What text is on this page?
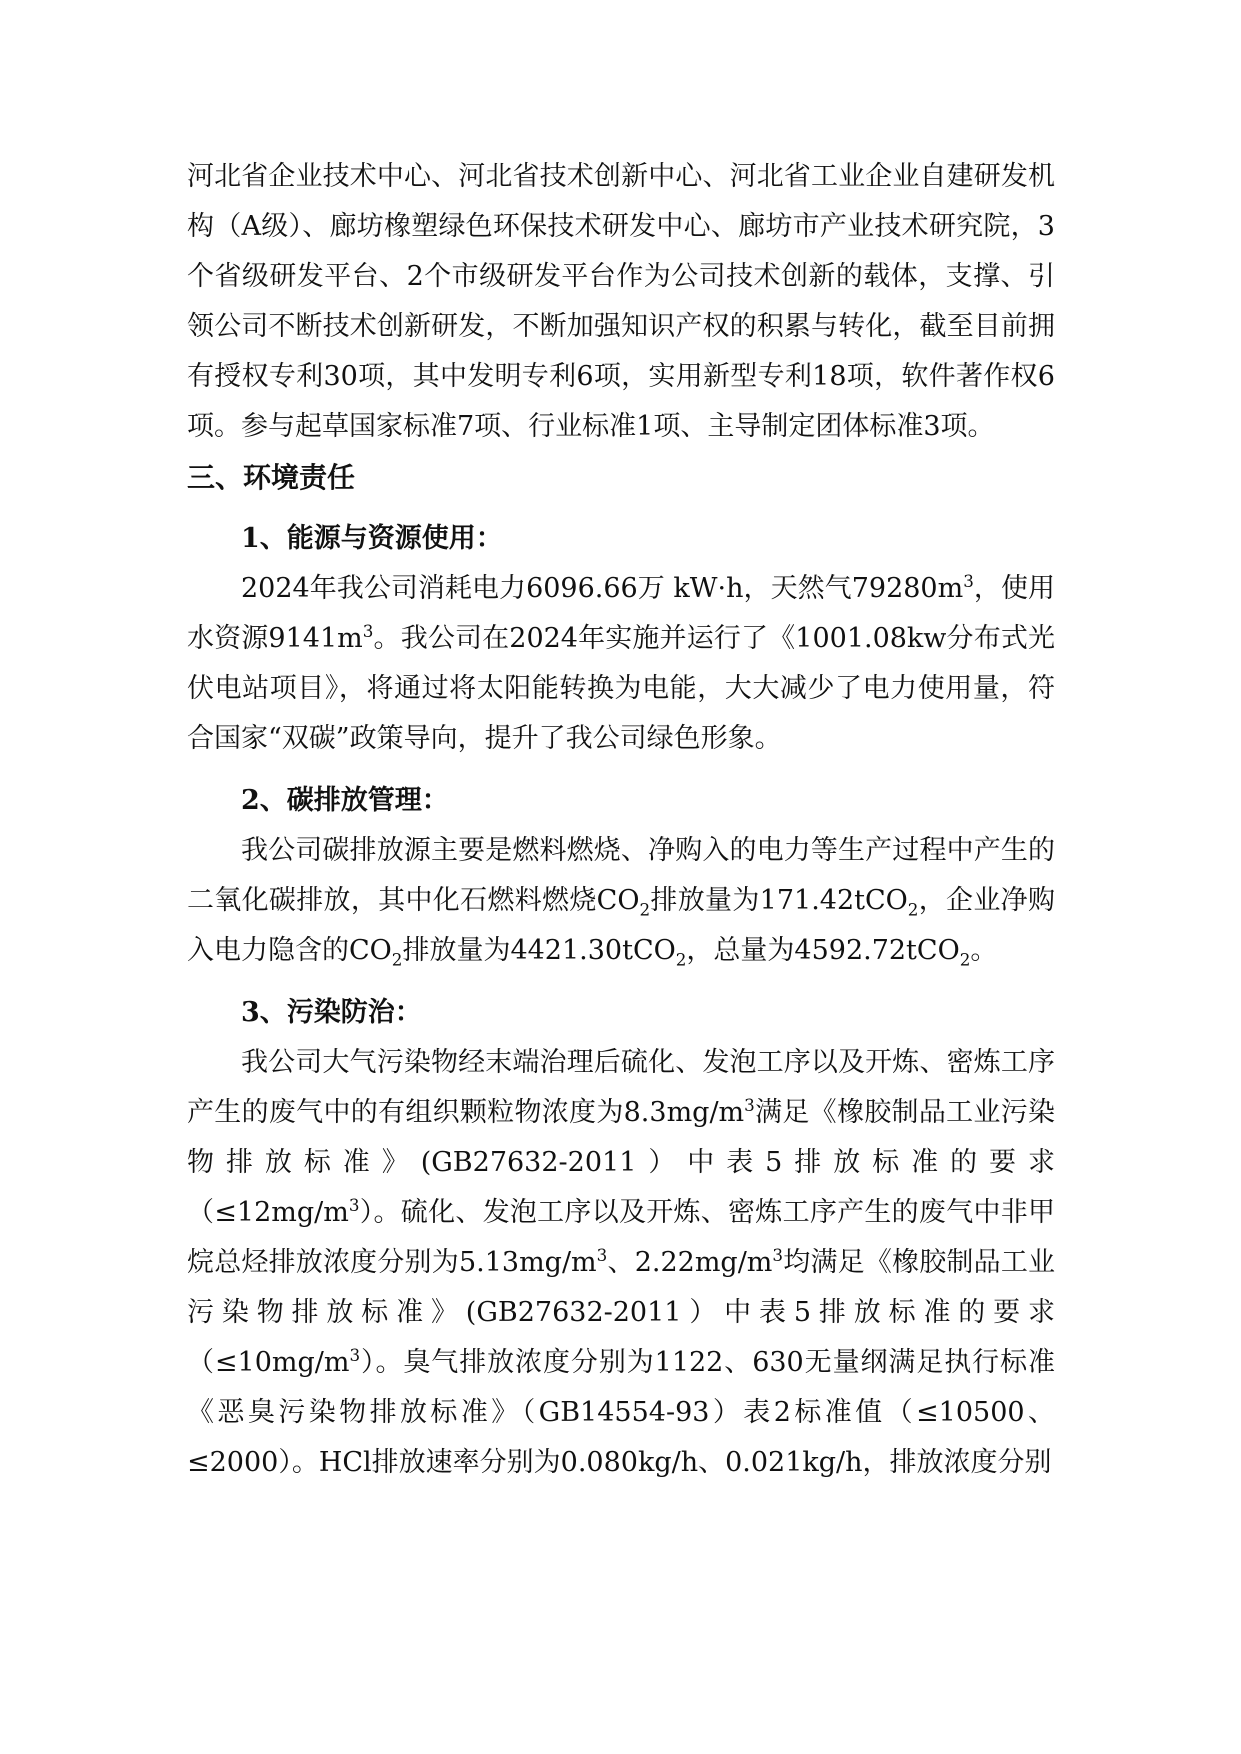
河北省企业技术中心、河北省技术创新中心、河北省工业企业自建研发机构（A级）、廊坊橡塑绿色环保技术研发中心、廊坊市产业技术研究院，3个省级研发平台、2个市级研发平台作为公司技术创新的载体，支撑、引领公司不断技术创新研发，不断加强知识产权的积累与转化，截至目前拥有授权专利30项，其中发明专利6项，实用新型专利18项，软件著作权6项。参与起草国家标准7项、行业标准1项、主导制定团体标准3项。

三、环境责任

1、能源与资源使用：

2024年我公司消耗电力6096.66万 kW·h，天然气$79280m^3$，使用水资源$9141m^3$。我公司在2024年实施并运行了《1001.08kw分布式光伏电站项目》，将通过将太阳能转换为电能，大大减少了电力使用量，符合国家“双碳”政策导向，提升了我公司绿色形象。

2、碳排放管理：

我公司碳排放源主要是燃料燃烧、净购入的电力等生产过程中产生的二氧化碳排放，其中化石燃料燃烧$CO_2$排放量为171.42tCO$_2$，企业净购入电力隐含的$CO_2$排放量为4421.30tCO$_2$，总量为4592.72tCO$_2$。

3、污染防治：

我公司大气污染物经末端治理后硫化、发泡工序以及开炼、密炼工序产生的废气中的有组织颗粒物浓度为$8.3mg/m^3$满足《橡胶制品工业污染物排放标准》(GB27632-2011）中表5排放标准的要求$(\le 12mg/m^3)$。硫化、发泡工序以及开炼、密炼工序产生的废气中非甲烷总烃排放浓度分别为$5.13mg/m^3$、$2.22mg/m^3$均满足《橡胶制品工业污染物排放标准》(GB27632-2011）中表5排放标准的要求$(\le 10mg/m^3)$。臭气排放浓度分别为1122、630无量纲满足执行标准《恶臭污染物排放标准》（GB14554-93）表2标准值（≤10500、≤2000）。HCl排放速率分别为0.080kg/h、0.021kg/h，排放浓度分别
